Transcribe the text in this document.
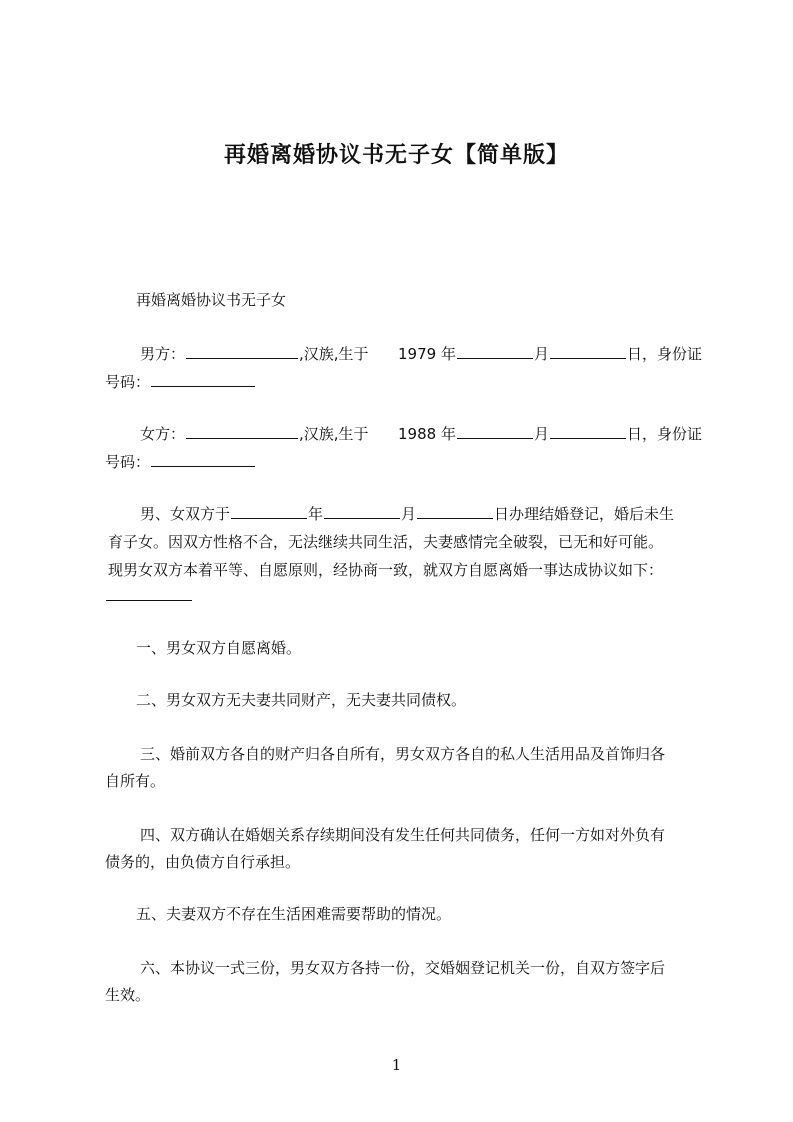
再婚离婚协议书无子女【简单版】
再婚离婚协议书无子女
男方：	,汉族,生于 1979 年	月	日，身份证
号码：
女方：	,汉族,生于 1988 年	月	日，身份证
号码：
男、女双方于	年	月	日办理结婚登记，婚后未生
育子女。因双方性格不合，无法继续共同生活，夫妻感情完全破裂，已无和好可能。
现男女双方本着平等、自愿原则，经协商一致，就双方自愿离婚一事达成协议如下：
一、男女双方自愿离婚。
二、男女双方无夫妻共同财产，无夫妻共同债权。
三、婚前双方各自的财产归各自所有，男女双方各自的私人生活用品及首饰归各
自所有。
四、双方确认在婚姻关系存续期间没有发生任何共同债务，任何一方如对外负有
债务的，由负债方自行承担。
五、夫妻双方不存在生活困难需要帮助的情况。
六、本协议一式三份，男女双方各持一份，交婚姻登记机关一份，自双方签字后
生效。
1
